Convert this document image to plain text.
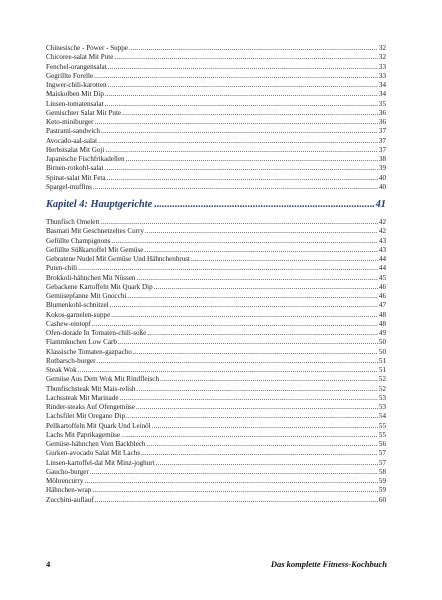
Chinesische - Power - Suppe .....	32
Chicoree-salat Mit Pute .....	32
Fenchel-orangensalat .....	33
Gegrillte Forelle .....	33
Ingwer-chili-karotten .....	34
Maiskolben Mit Dip .....	34
Linsen-tomatensalat .....	35
Gemischter Salat Mit Pute .....	36
Keto-miniburger .....	36
Pastrami-sandwich .....	37
Avocado-aal-salat .....	37
Herbstsalat Mit Goji .....	37
Japanische Fischfrikadellen .....	38
Birnen-rotkohl-salat .....	39
Spinat-salat Mit Feta .....	40
Spargel-muffins .....	40
Kapitel 4: Hauptgerichte .....	41
Thunfisch Omelett .....	42
Basmati Mit Geschnetzeltes Curry .....	42
Gefüllte Champignons .....	43
Gefüllte Süßkartoffel Mit Gemüse .....	43
Gebratene Nudel Mit Gemüse Und Hähnchenbrust .....	44
Puten-chili .....	44
Brokkoli-hähnchen Mit Nüssen .....	45
Gebackene Kartoffeln Mit Quark Dip .....	46
Gemüsepfanne Mit Gnocchi .....	46
Blumenkohl-schnitzel .....	47
Kokos-garnelen-suppe .....	48
Cashew-eintopf .....	48
Ofen-dorade In Tomaten-chili-soße .....	49
Flammkuchen Low Carb .....	50
Klassische Tomaten-gazpacho .....	50
Rotbarsch-burger .....	51
Steak Wok .....	51
Gemüse Aus Dem Wok Mit Rindfleisch .....	52
Thunfischsteak Mit Mais-relish .....	52
Lachssteak Mit Marinade .....	53
Rinder-steaks Auf Ofengemüse .....	53
Lachsfilet Mit Oregano Dip .....	54
Pellkartoffeln Mit Quark Und Leinöl .....	55
Lachs Mit Paprikagemüse .....	55
Gemüse-hähnchen Vom Backblech .....	56
Gurken-avocado Salat Mit Lachs .....	57
Linsen-kartoffel-dal Mit Minz-joghurt .....	57
Gaucho-burger .....	58
Möhrencurry .....	59
Hähnchen-wrap .....	59
Zucchini-auflauf .....	60
4	Das komplette Fitness-Kochbuch
